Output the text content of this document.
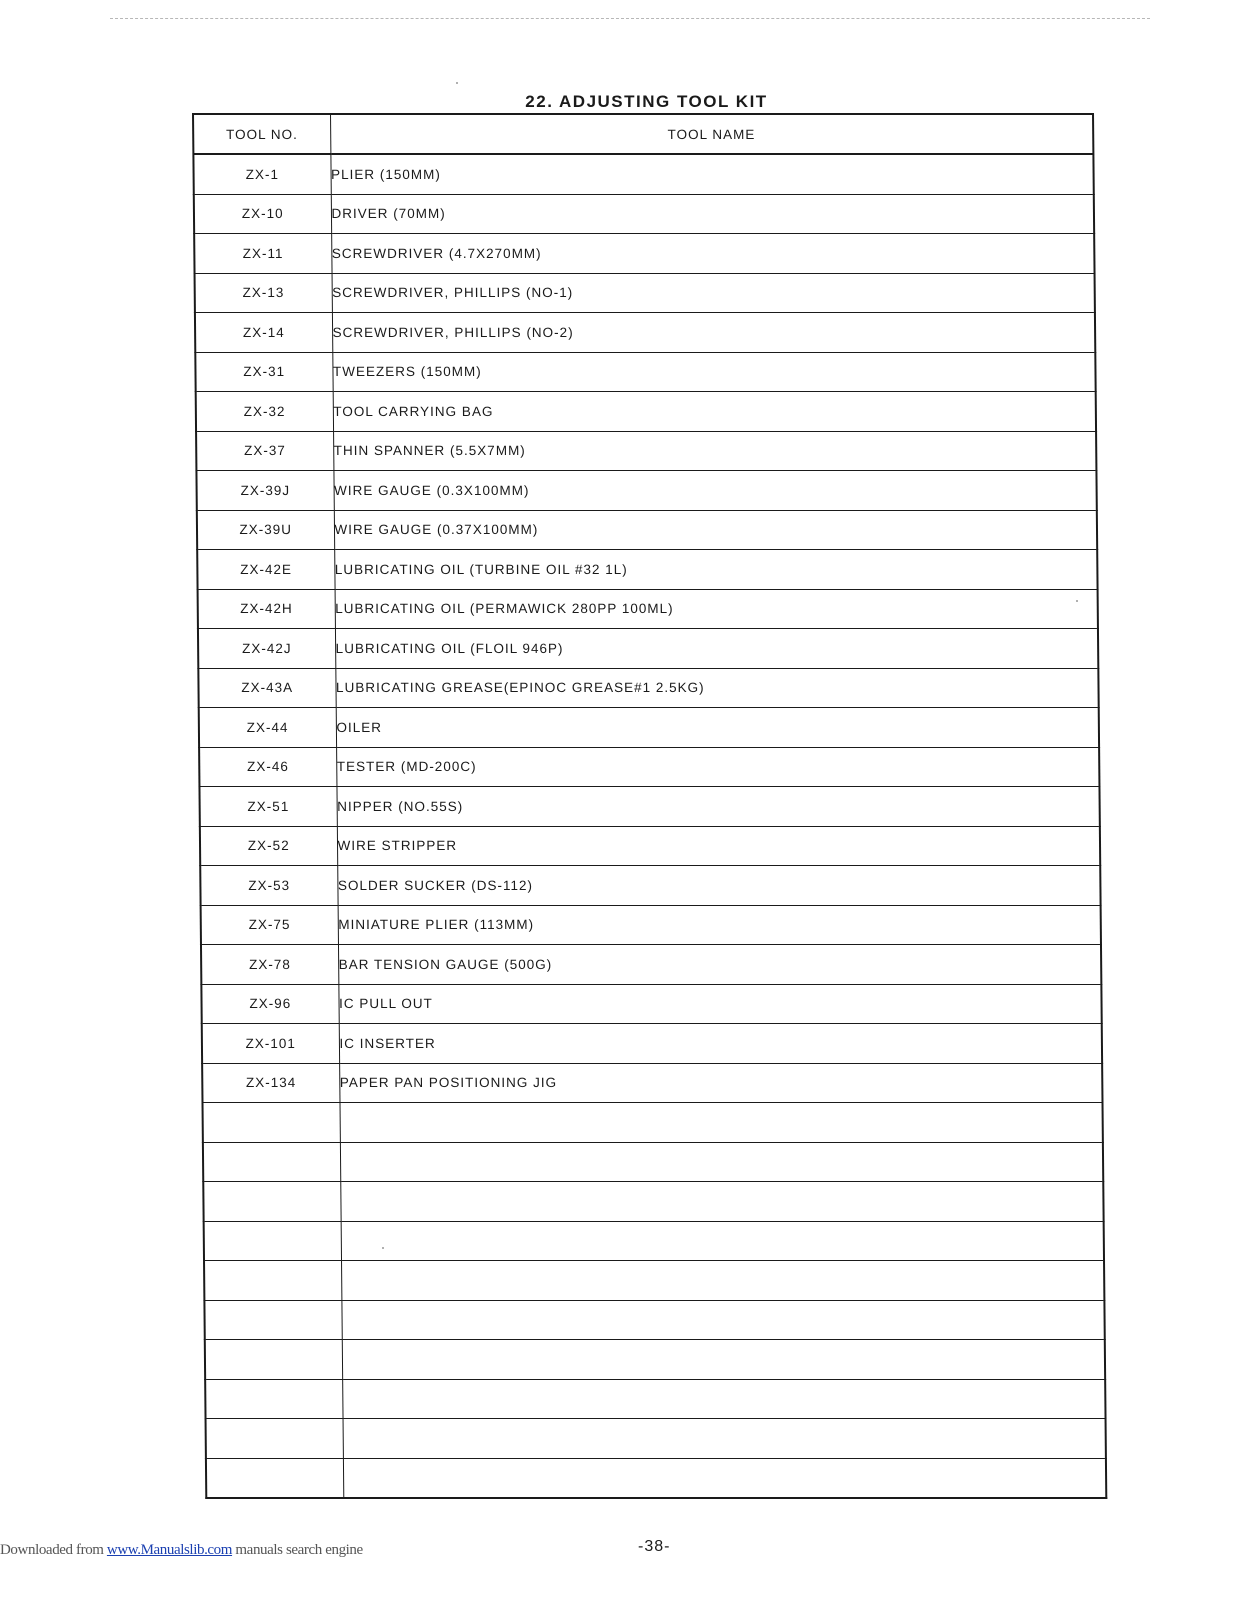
22. ADJUSTING TOOL KIT
TOOL NO.	TOOL NAME
ZX-1	PLIER (150MM)
ZX-10	DRIVER (70MM)
ZX-11	SCREWDRIVER (4.7X270MM)
ZX-13	SCREWDRIVER, PHILLIPS (NO-1)
ZX-14	SCREWDRIVER, PHILLIPS (NO-2)
ZX-31	TWEEZERS (150MM)
ZX-32	TOOL CARRYING BAG
ZX-37	THIN SPANNER (5.5X7MM)
ZX-39J	WIRE GAUGE (0.3X100MM)
ZX-39U	WIRE GAUGE (0.37X100MM)
ZX-42E	LUBRICATING OIL (TURBINE OIL #32 1L)
ZX-42H	LUBRICATING OIL (PERMAWICK 280PP 100ML)
ZX-42J	LUBRICATING OIL (FLOIL 946P)
ZX-43A	LUBRICATING GREASE(EPINOC GREASE#1 2.5KG)
ZX-44	OILER
ZX-46	TESTER (MD-200C)
ZX-51	NIPPER (NO.55S)
ZX-52	WIRE STRIPPER
ZX-53	SOLDER SUCKER (DS-112)
ZX-75	MINIATURE PLIER (113MM)
ZX-78	BAR TENSION GAUGE (500G)
ZX-96	IC PULL OUT
ZX-101	IC INSERTER
ZX-134	PAPER PAN POSITIONING JIG

Downloaded from www.Manualslib.com manuals search engine	-38-
